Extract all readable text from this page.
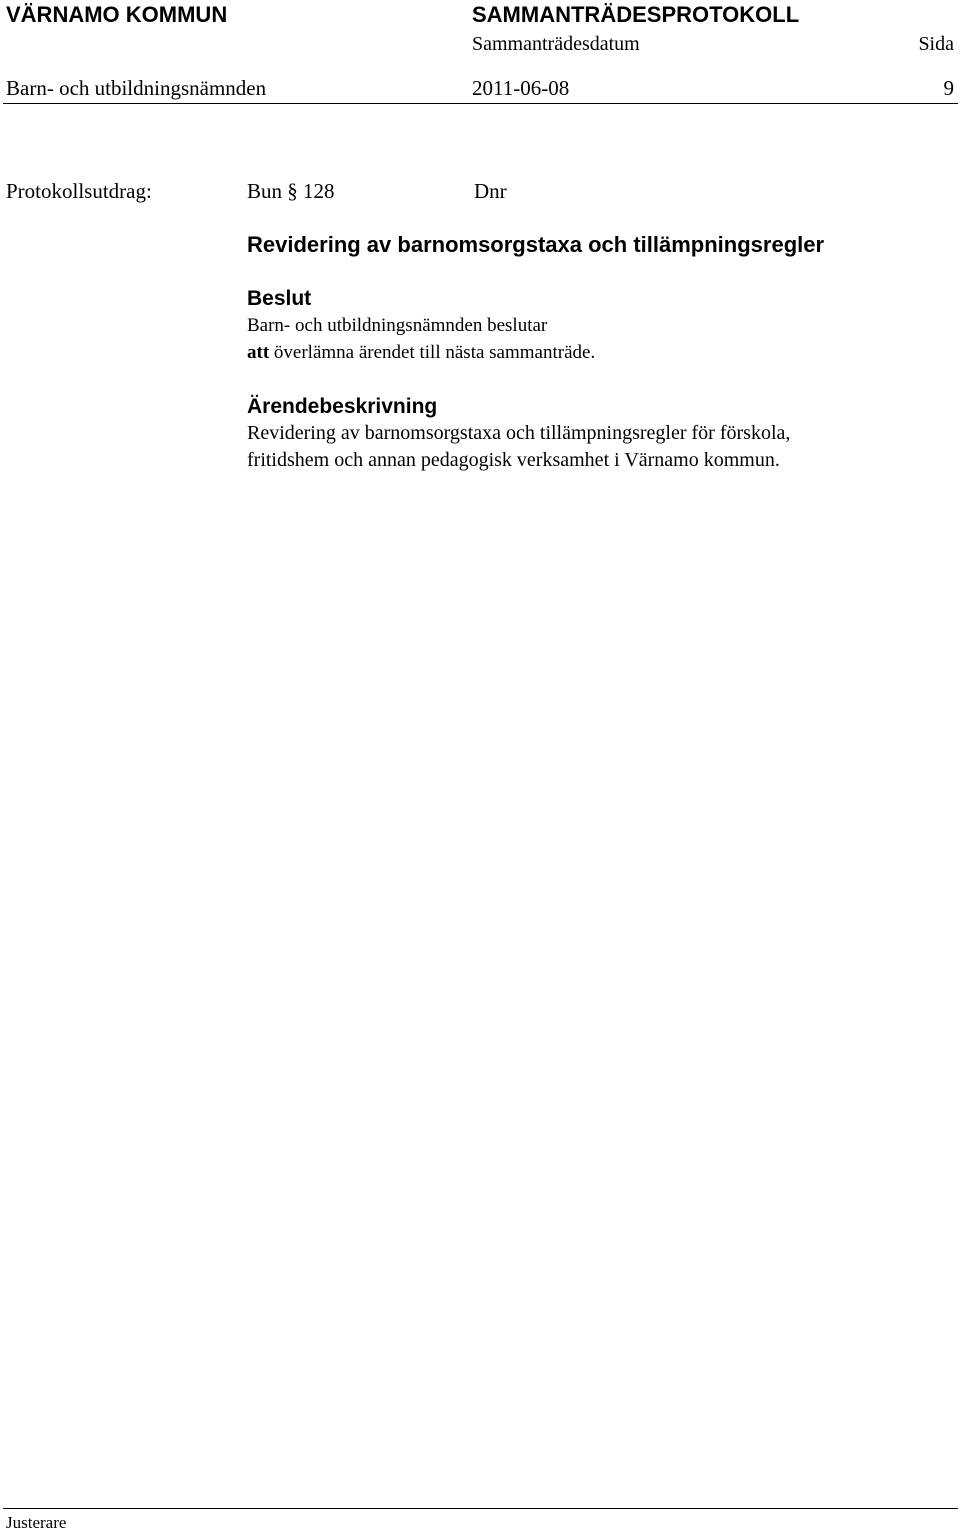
VÄRNAMO KOMMUN	SAMMANTRÄDESPROTOKOLL
Sammanträdesdatum	Sida
Barn- och utbildningsnämnden	2011-06-08	9
Protokollsutdrag:	Bun § 128	Dnr
Revidering av barnomsorgstaxa och tillämpningsregler
Beslut
Barn- och utbildningsnämnden beslutar
att överlämna ärendet till nästa sammanträde.
Ärendebeskrivning
Revidering av barnomsorgstaxa och tillämpningsregler för förskola,
fritidshem och annan pedagogisk verksamhet i Värnamo kommun.
Justerare
